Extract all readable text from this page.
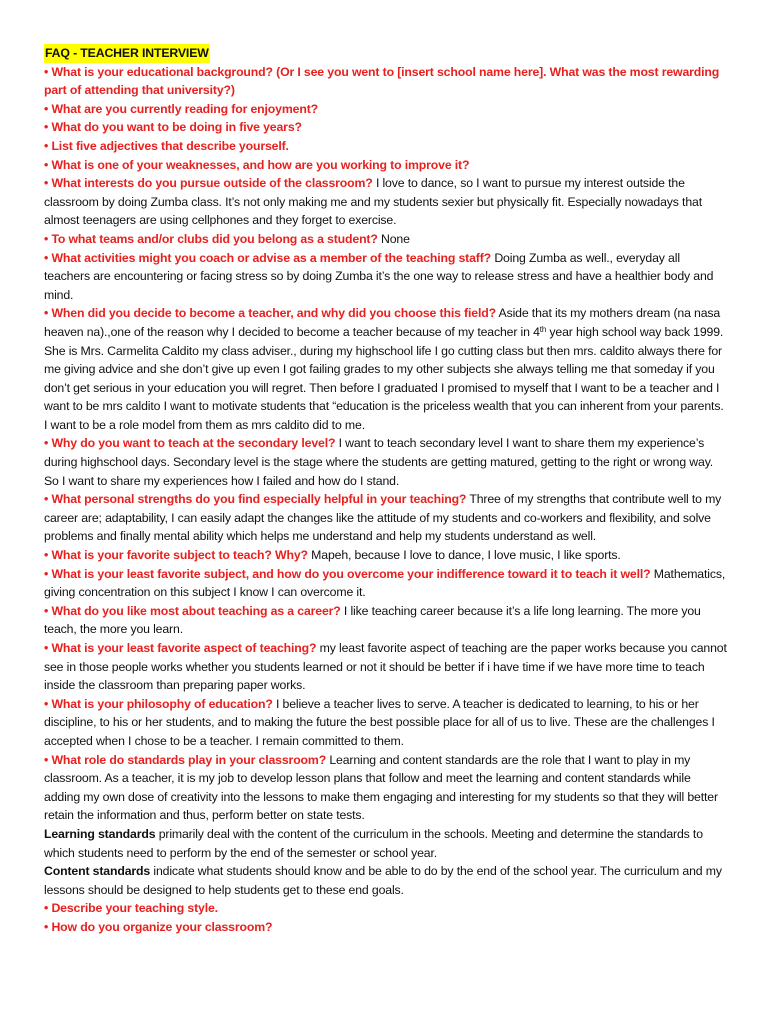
FAQ - TEACHER INTERVIEW
• What is your educational background? (Or I see you went to [insert school name here]. What was the most rewarding part of attending that university?)
• What are you currently reading for enjoyment?
• What do you want to be doing in five years?
• List five adjectives that describe yourself.
• What is one of your weaknesses, and how are you working to improve it?
• What interests do you pursue outside of the classroom? I love to dance, so I want to pursue my interest outside the classroom by doing Zumba class. It’s not only making me and my students sexier but physically fit. Especially nowadays that almost teenagers are using cellphones and they forget to exercise.
• To what teams and/or clubs did you belong as a student? None
• What activities might you coach or advise as a member of the teaching staff? Doing Zumba as well., everyday all teachers are encountering or facing stress so by doing Zumba it’s the one way to release stress and have a healthier body and mind.
• When did you decide to become a teacher, and why did you choose this field? Aside that its my mothers dream (na nasa heaven na).,one of the reason why I decided to become a teacher because of my teacher in 4th year high school way back 1999. She is Mrs. Carmelita Caldito my class adviser., during my highschool life I go cutting class but then mrs. caldito always there for me giving advice and she don’t give up even I got failing grades to my other subjects she always telling me that someday if you don’t get serious in your education you will regret. Then before I graduated I promised to myself that I want to be a teacher and I want to be mrs caldito I want to motivate students that “education is the priceless wealth that you can inherent from your parents. I want to be a role model from them as mrs caldito did to me.
• Why do you want to teach at the secondary level? I want to teach secondary level I want to share them my experience’s during highschool days. Secondary level is the stage where the students are getting matured, getting to the right or wrong way. So I want to share my experiences how I failed and how do I stand.
• What personal strengths do you find especially helpful in your teaching? Three of my strengths that contribute well to my career are; adaptability, I can easily adapt the changes like the attitude of my students and co-workers and flexibility, and solve problems and finally mental ability which helps me understand and help my students understand as well.
• What is your favorite subject to teach? Why? Mapeh, because I love to dance, I love music, I like sports.
• What is your least favorite subject, and how do you overcome your indifference toward it to teach it well? Mathematics, giving concentration on this subject I know I can overcome it.
• What do you like most about teaching as a career? I like teaching career because it’s a life long learning. The more you teach, the more you learn.
• What is your least favorite aspect of teaching? my least favorite aspect of teaching are the paper works because you cannot see in those people works whether you students learned or not it should be better if i have time if we have more time to teach inside the classroom than preparing paper works.
• What is your philosophy of education? I believe a teacher lives to serve. A teacher is dedicated to learning, to his or her discipline, to his or her students, and to making the future the best possible place for all of us to live. These are the challenges I accepted when I chose to be a teacher. I remain committed to them.
• What role do standards play in your classroom? Learning and content standards are the role that I want to play in my classroom. As a teacher, it is my job to develop lesson plans that follow and meet the learning and content standards while adding my own dose of creativity into the lessons to make them engaging and interesting for my students so that they will better retain the information and thus, perform better on state tests.
Learning standards primarily deal with the content of the curriculum in the schools. Meeting and determine the standards to which students need to perform by the end of the semester or school year.
Content standards indicate what students should know and be able to do by the end of the school year. The curriculum and my lessons should be designed to help students get to these end goals.
• Describe your teaching style.
• How do you organize your classroom?
